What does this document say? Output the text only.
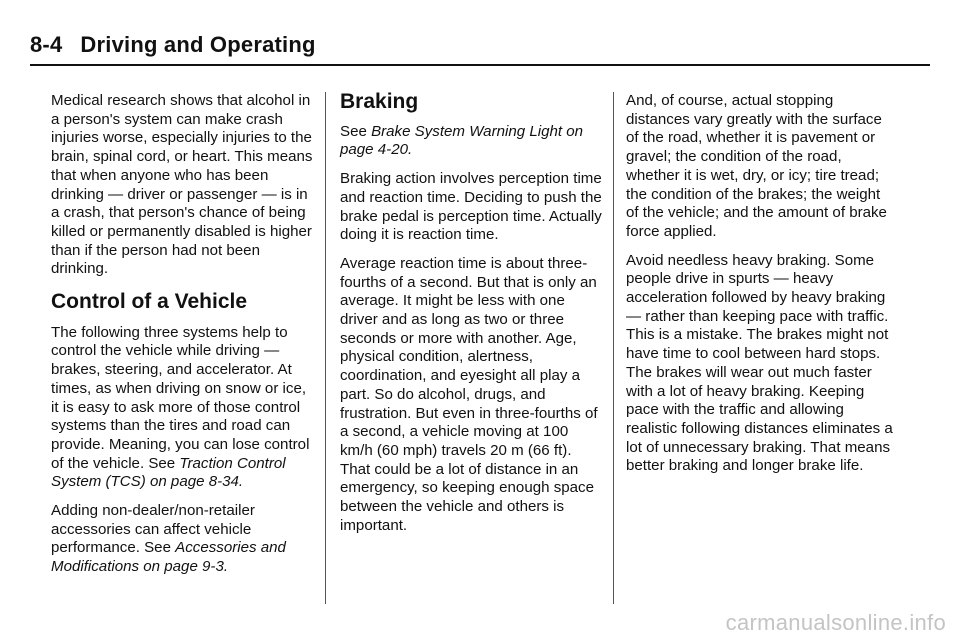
8-4 Driving and Operating

Medical research shows that alcohol in a person's system can make crash injuries worse, especially injuries to the brain, spinal cord, or heart. This means that when anyone who has been drinking — driver or passenger — is in a crash, that person's chance of being killed or permanently disabled is higher than if the person had not been drinking.

Control of a Vehicle

The following three systems help to control the vehicle while driving — brakes, steering, and accelerator. At times, as when driving on snow or ice, it is easy to ask more of those control systems than the tires and road can provide. Meaning, you can lose control of the vehicle. See Traction Control System (TCS) on page 8-34.

Adding non-dealer/non-retailer accessories can affect vehicle performance. See Accessories and Modifications on page 9-3.

Braking

See Brake System Warning Light on page 4-20.

Braking action involves perception time and reaction time. Deciding to push the brake pedal is perception time. Actually doing it is reaction time.

Average reaction time is about three-fourths of a second. But that is only an average. It might be less with one driver and as long as two or three seconds or more with another. Age, physical condition, alertness, coordination, and eyesight all play a part. So do alcohol, drugs, and frustration. But even in three-fourths of a second, a vehicle moving at 100 km/h (60 mph) travels 20 m (66 ft). That could be a lot of distance in an emergency, so keeping enough space between the vehicle and others is important.

And, of course, actual stopping distances vary greatly with the surface of the road, whether it is pavement or gravel; the condition of the road, whether it is wet, dry, or icy; tire tread; the condition of the brakes; the weight of the vehicle; and the amount of brake force applied.

Avoid needless heavy braking. Some people drive in spurts — heavy acceleration followed by heavy braking — rather than keeping pace with traffic. This is a mistake. The brakes might not have time to cool between hard stops. The brakes will wear out much faster with a lot of heavy braking. Keeping pace with the traffic and allowing realistic following distances eliminates a lot of unnecessary braking. That means better braking and longer brake life.

carmanualsonline.info
